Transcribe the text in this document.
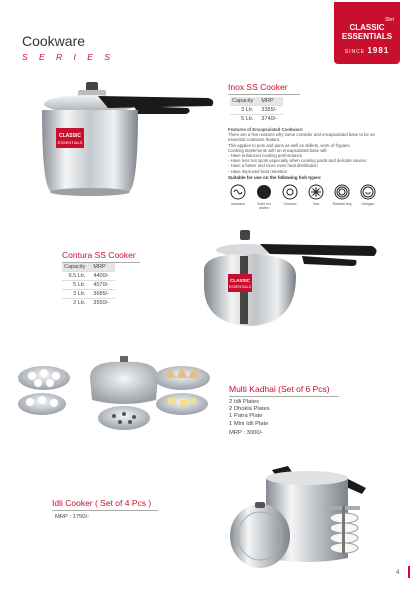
Cookware
S E R I E S
Shri
CLASSIC
ESSENTIALS
SINCE 1981
CLASSIC
ESSENTIALS
Inox SS Cooker
Capacity	MRP
3 Ltr.	3355/-
5 Ltr.	3740/-
Features of Encapsulated Cookware:
There are a few reasons why some consider and encapsulated base to be an
essential cookware feature.
This applies to pots and pans as well as skillets, work of frypans.
Cooking implements with an encapsulated base will:
- Have enhanced cooking preformance
- Have less hot spots especially when cooking pasta and delicate sauces
- Have a better and more even heat distribution
- Have improved heat retention
Suitable for use on the following hob types:
Induction	Solid hot plates
Ceramic	Gas	Radiant ring	Halogen
Contura SS Cooker
Capacity	MRP
6.5 Ltr.	4400/-
5 Ltr.	4070/-
3 Ltr.	3685/-
2 Ltr.	3550/-
CLASSIC
ESSENTIALS
Multi Kadhai (Set of 6 Pcs)
2 Idli Plates
2 Dhokla Plates
1 Patra Plate
1 Mini Idli Plate
MRP : 3000/-
Idli Cooker ( Set of 4 Pcs )
MRP : 1750/-
4
